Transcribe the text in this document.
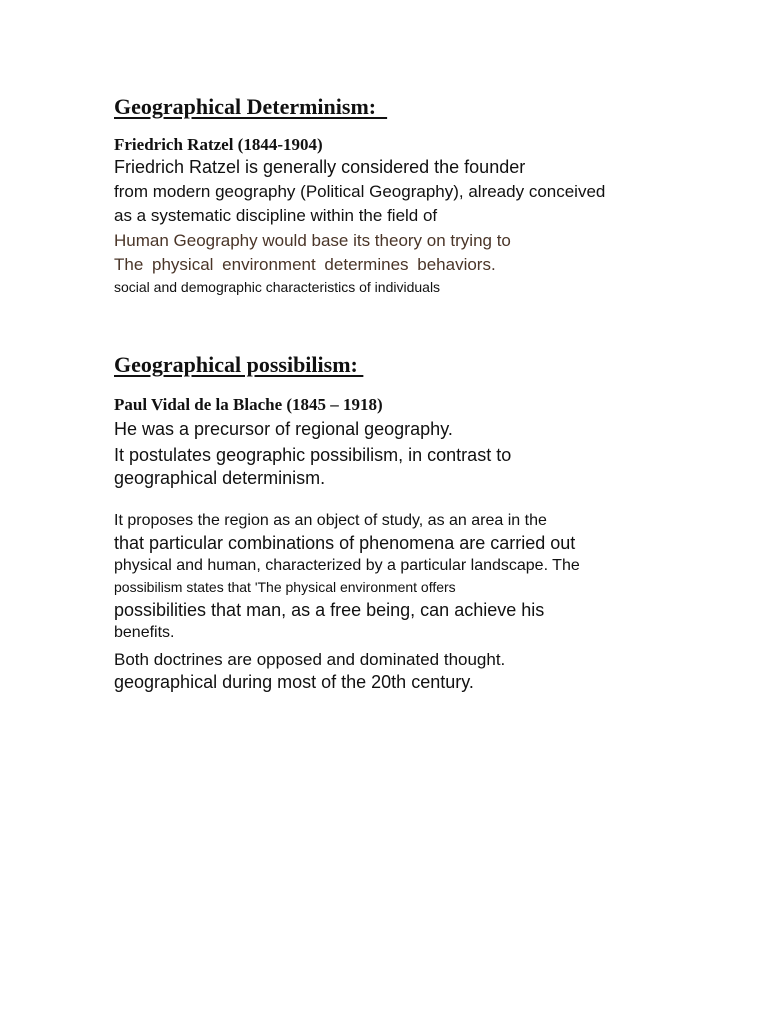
Geographical Determinism:
Friedrich Ratzel (1844-1904)
Friedrich Ratzel is generally considered the founder
from modern geography (Political Geography), already conceived
as a systematic discipline within the field of
Human Geography would base its theory on trying to
The physical environment determines behaviors.
social and demographic characteristics of individuals
Geographical possibilism:
Paul Vidal de la Blache (1845 – 1918)
He was a precursor of regional geography.
It postulates geographic possibilism, in contrast to
geographical determinism.
It proposes the region as an object of study, as an area in the
that particular combinations of phenomena are carried out
physical and human, characterized by a particular landscape. The
possibilism states that 'The physical environment offers
possibilities that man, as a free being, can achieve his
benefits.
Both doctrines are opposed and dominated thought.
geographical during most of the 20th century.
